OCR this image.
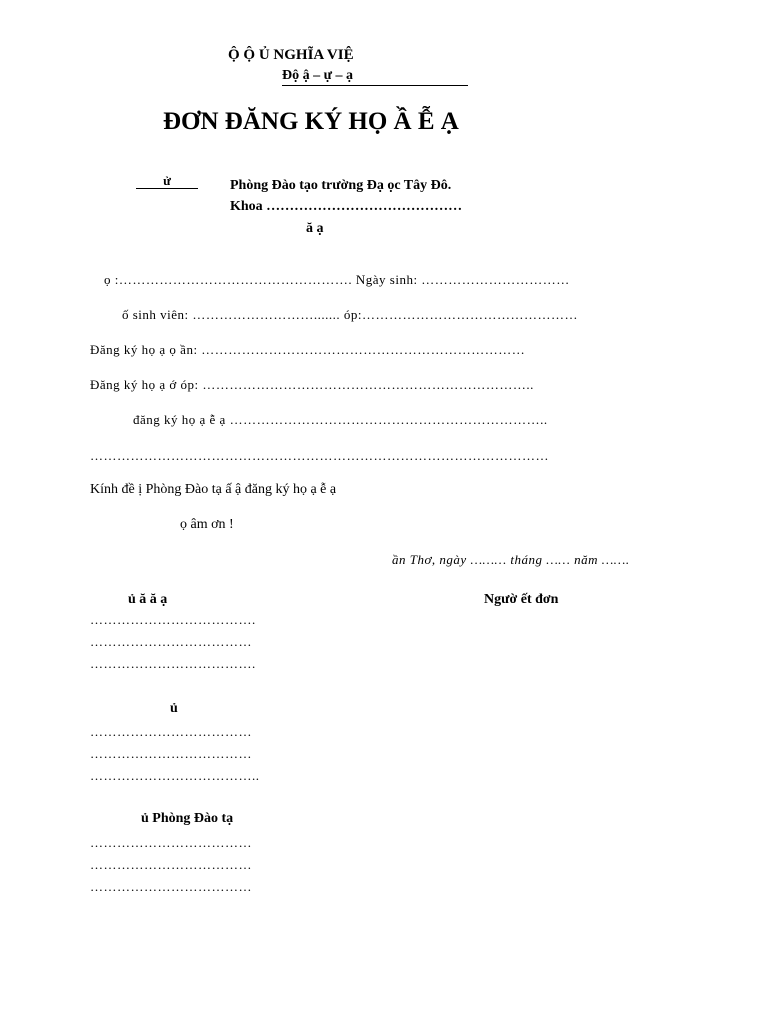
Ộ Ộ Ủ NGHĨA VIỆ
Độ ậ – ự – ạ
ĐƠN ĐĂNG KÝ HỌ Ầ Ễ Ạ
ử	Phòng Đào tạo trường Đạ ọc Tây Đô.
Khoa ……………………………………
ă ạ
ọ :……………………………………………. Ngày sinh: ……………………………
ố sinh viên: ………………………....... óp:…………………………………………
Đăng ký họ ạ ọ ần: ………………………………………………………………
Đăng ký họ ạ ớ óp: ………………………………………………………………..
đăng ký họ ạ ễ ạ ……………………………………………………………..
…………………………………………………………………………………………
Kính đề ị Phòng Đào tạ ấ ậ đăng ký họ ạ ễ ạ
ọ âm ơn !
ần Thơ, ngày ……… tháng …… năm …….
ủ ă ă ạ
……………………………….
………………………………
……………………………….
Ngườ ết đơn
ủ
………………………………
………………………………
………………………………..
ủ Phòng Đào tạ
………………………………
………………………………
………………………………
